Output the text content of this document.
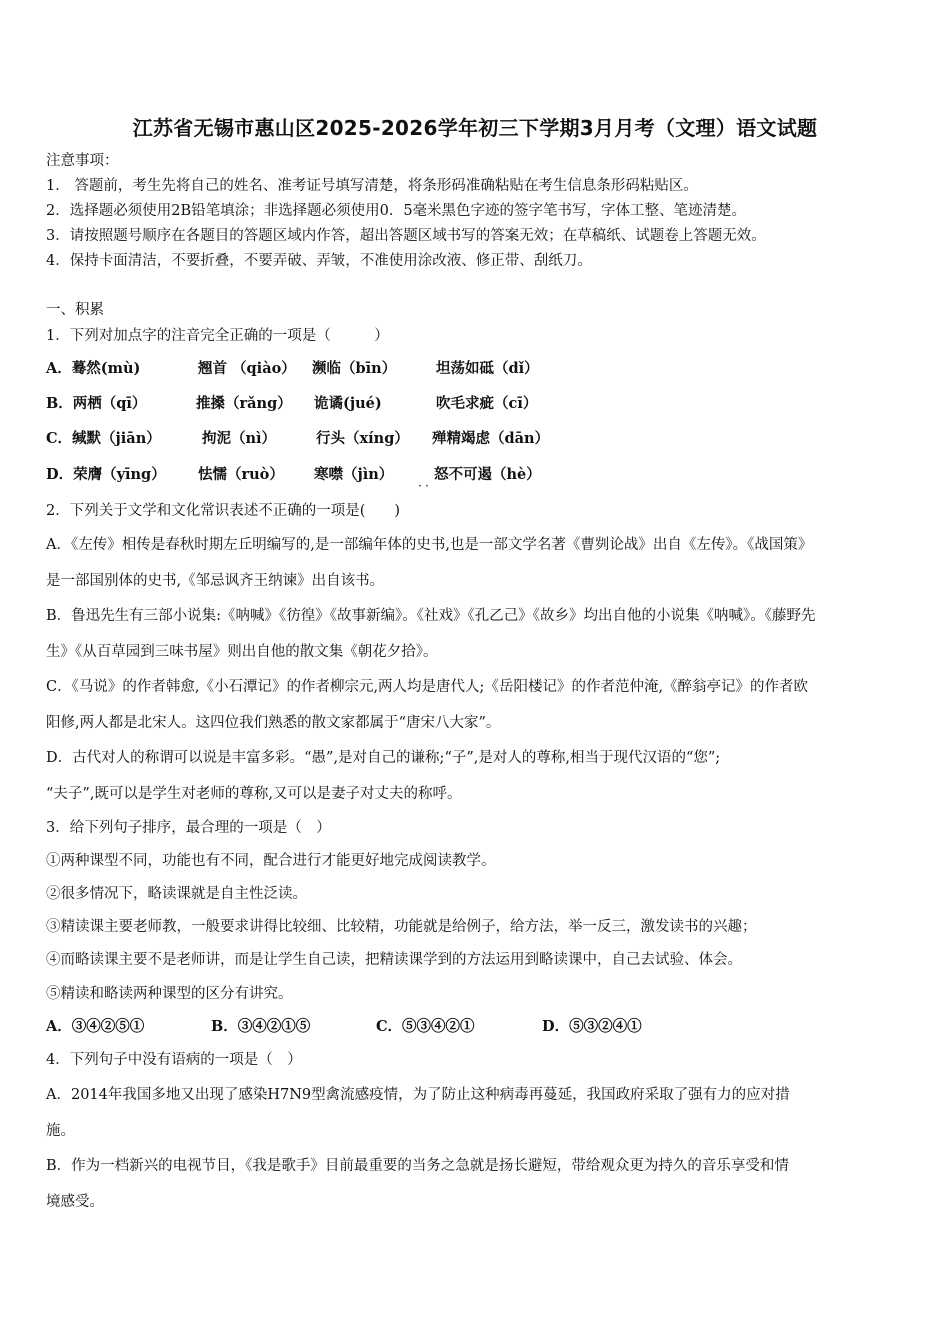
江苏省无锡市惠山区2025-2026学年初三下学期3月月考（文理）语文试题
注意事项：
1． 答题前，考生先将自己的姓名、准考证号填写清楚，将条形码准确粘贴在考生信息条形码粘贴区。
2．选择题必须使用2B铅笔填涂；非选择题必须使用0．5毫米黑色字迹的签字笔书写，字体工整、笔迹清楚。
3．请按照题号顺序在各题目的答题区域内作答，超出答题区域书写的答案无效；在草稿纸、试题卷上答题无效。
4．保持卡面清洁，不要折叠，不要弄破、弄皱，不准使用涂改液、修正带、刮纸刀。
一、积累
1．下列对加点字的注音完全正确的一项是（　　　）
A．蓦然(mù)	翘首 （qiào） 濒临（bīn）	坦荡如砥（dǐ）
B．两栖（qī）	推搡（rǎng） 诡谲(jué)	吹毛求疵（cī）
C．缄默（jiān）	拘泥（nì）	行头（xíng） 殚精竭虑（dān）
D．荣膺（yīng） 怯懦（ruò） 寒噤（jìn）	怒不可遏（hè）
· ·
2．下列关于文学和文化常识表述不正确的一项是(　　)
A．《左传》相传是春秋时期左丘明编写的,是一部编年体的史书,也是一部文学名著《曹刿论战》出自《左传》。《战国策》
是一部国别体的史书,《邹忌讽齐王纳谏》出自该书。
B．鲁迅先生有三部小说集:《呐喊》《彷徨》《故事新编》。《社戏》《孔乙己》《故乡》均出自他的小说集《呐喊》。《藤野先
生》《从百草园到三味书屋》则出自他的散文集《朝花夕拾》。
C．《马说》的作者韩愈,《小石潭记》的作者柳宗元,两人均是唐代人;《岳阳楼记》的作者范仲淹,《醉翁亭记》的作者欧
阳修,两人都是北宋人。这四位我们熟悉的散文家都属于“唐宋八大家”。
D．古代对人的称谓可以说是丰富多彩。“愚”,是对自己的谦称;“子”,是对人的尊称,相当于现代汉语的“您”;
“夫子”,既可以是学生对老师的尊称,又可以是妻子对丈夫的称呼。
3．给下列句子排序，最合理的一项是（　）
①两种课型不同，功能也有不同，配合进行才能更好地完成阅读教学。
②很多情况下，略读课就是自主性泛读。
③精读课主要老师教，一般要求讲得比较细、比较精，功能就是给例子，给方法，举一反三，激发读书的兴趣；
④而略读课主要不是老师讲，而是让学生自己读，把精读课学到的方法运用到略读课中，自己去试验、体会。
⑤精读和略读两种课型的区分有讲究。
A．③④②⑤①	B．③④②①⑤	C．⑤③④②①	D．⑤③②④①
4．下列句子中没有语病的一项是（　）
A．2014年我国多地又出现了感染H7N9型禽流感疫情，为了防止这种病毒再蔓延，我国政府采取了强有力的应对措
施。
B．作为一档新兴的电视节目，《我是歌手》目前最重要的当务之急就是扬长避短，带给观众更为持久的音乐享受和情
境感受。
